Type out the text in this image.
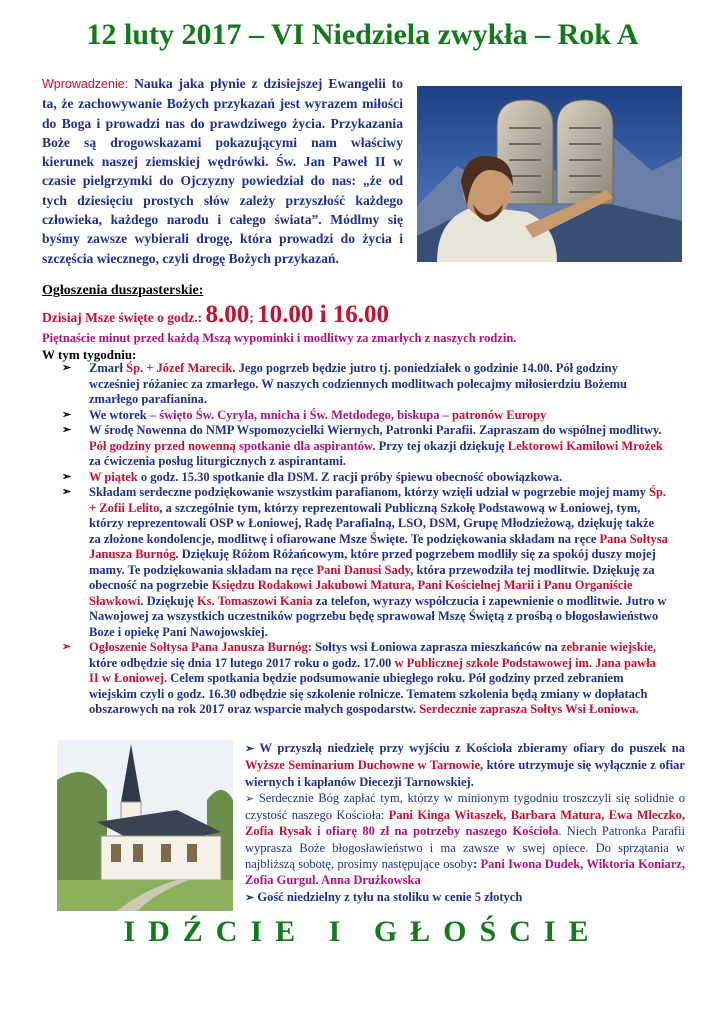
12 luty 2017 – VI Niedziela zwykła – Rok A
Wprowadzenie: Nauka jaka płynie z dzisiejszej Ewangelii to ta, że zachowywanie Bożych przykazań jest wyrazem miłości do Boga i prowadzi nas do prawdziwego życia. Przykazania Boże są drogowskazami pokazującymi nam właściwy kierunek naszej ziemskiej wędrówki. Św. Jan Paweł II w czasie pielgrzymki do Ojczyzny powiedział do nas: „że od tych dziesięciu prostych słów zależy przyszłość każdego człowieka, każdego narodu i całego świata”. Módlmy się byśmy zawsze wybierali drogę, która prowadzi do życia i szczęścia wiecznego, czyli drogę Bożych przykazań.
Ogłoszenia duszpasterskie:
Dzisiaj Msze święte o godz.: 8.00; 10.00 i 16.00
Piętnaście minut przed każdą Mszą wypominki i modlitwy za zmarłych z naszych rodzin.
W tym tygodniu:
➢ Zmarł Śp. + Józef Marecik. Jego pogrzeb będzie jutro tj. poniedziałek o godzinie 14.00. Pół godziny wcześniej różaniec za zmarłego. W naszych codziennych modlitwach polecajmy miłosierdziu Bożemu zmarłego parafianina.
➢ We wtorek – święto Św. Cyryla, mnicha i Św. Metdodego, biskupa – patronów Europy
➢ W środę Nowenna do NMP Wspomozycielki Wiernych, Patronki Parafii. Zapraszam do wspólnej modlitwy. Pół godziny przed nowenną spotkanie dla aspirantów. Przy tej okazji dziękuję Lektorowi Kamilowi Mrożek za ćwiczenia posług liturgicznych z aspirantami.
➢ W piątek o godz. 15.30 spotkanie dla DSM. Z racji próby śpiewu obecność obowiązkowa.
➢ Składam serdeczne podziękowanie wszystkim parafianom, którzy wzięli udział w pogrzebie mojej mamy Śp. + Zofii Lelito, a szczególnie tym, którzy reprezentowali Publiczną Szkołę Podstawową w Łoniowej, tym, którzy reprezentowali OSP w Łoniowej, Radę Parafialną, LSO, DSM, Grupę Młodzieżową, dziękuję także za złożone kondolencje, modlitwę i ofiarowane Msze Święte. Te podziękowania składam na ręce Pana Sołtysa Janusza Burnóg. Dziękuję Różom Różańcowym, które przed pogrzebem modliły się za spokój duszy mojej mamy. Te podziękowania składam na ręce Pani Danusi Sady, która przewodziła tej modlitwie. Dziękuję za obecność na pogrzebie Księdzu Rodakowi Jakubowi Matura, Pani Kościelnej Marii i Panu Organiście Sławkowi. Dziękuję Ks. Tomaszowi Kania za telefon, wyrazy współczucia i zapewnienie o modlitwie. Jutro w Nawojowej za wszystkich uczestników pogrzebu będę sprawował Mszę Świętą z prośbą o błogosławieństwo Boze i opiekę Pani Nawojowskiej.
➢ Ogłoszenie Sołtysa Pana Janusza Burnóg: Sołtys wsi Łoniowa zaprasza mieszkańców na zebranie wiejskie, które odbędzie się dnia 17 lutego 2017 roku o godz. 17.00 w Publicznej szkole Podstawowej im. Jana pawła II w Łoniowej. Celem spotkania będzie podsumowanie ubiegłego roku. Pół godziny przed zebraniem wiejskim czyli o godz. 16.30 odbędzie się szkolenie rolnicze. Tematem szkolenia będą zmiany w dopłatach obszarowych na rok 2017 oraz wsparcie małych gospodarstw. Serdecznie zaprasza Sołtys Wsi Łoniowa.

➢ W przyszłą niedzielę przy wyjściu z Kościoła zbieramy ofiary do puszek na Wyższe Seminarium Duchowne w Tarnowie, które utrzymuje się wyłącznie z ofiar wiernych i kapłanów Diecezji Tarnowskiej.

➢ Serdecznie Bóg zapłać tym, którzy w minionym tygodniu troszczyli się solidnie o czystość naszego Kościoła: Pani Kinga Witaszek, Barbara Matura, Ewa Mleczko, Zofia Rysak i ofiarę 80 zł na potrzeby naszego Kościoła. Niech Patronka Parafii wyprasza Boże błogosławieństwo i ma zawsze w swej opiece. Do sprzątania w najbliższą sobotę, prosimy następujące osoby: Pani Iwona Dudek, Wiktoria Koniarz, Zofia Gurgul. Anna Drużkowska

➢ Gość niedzielny z tyłu na stoliku w cenie 5 złotych

IDŹCIE I GŁOŚCIE
